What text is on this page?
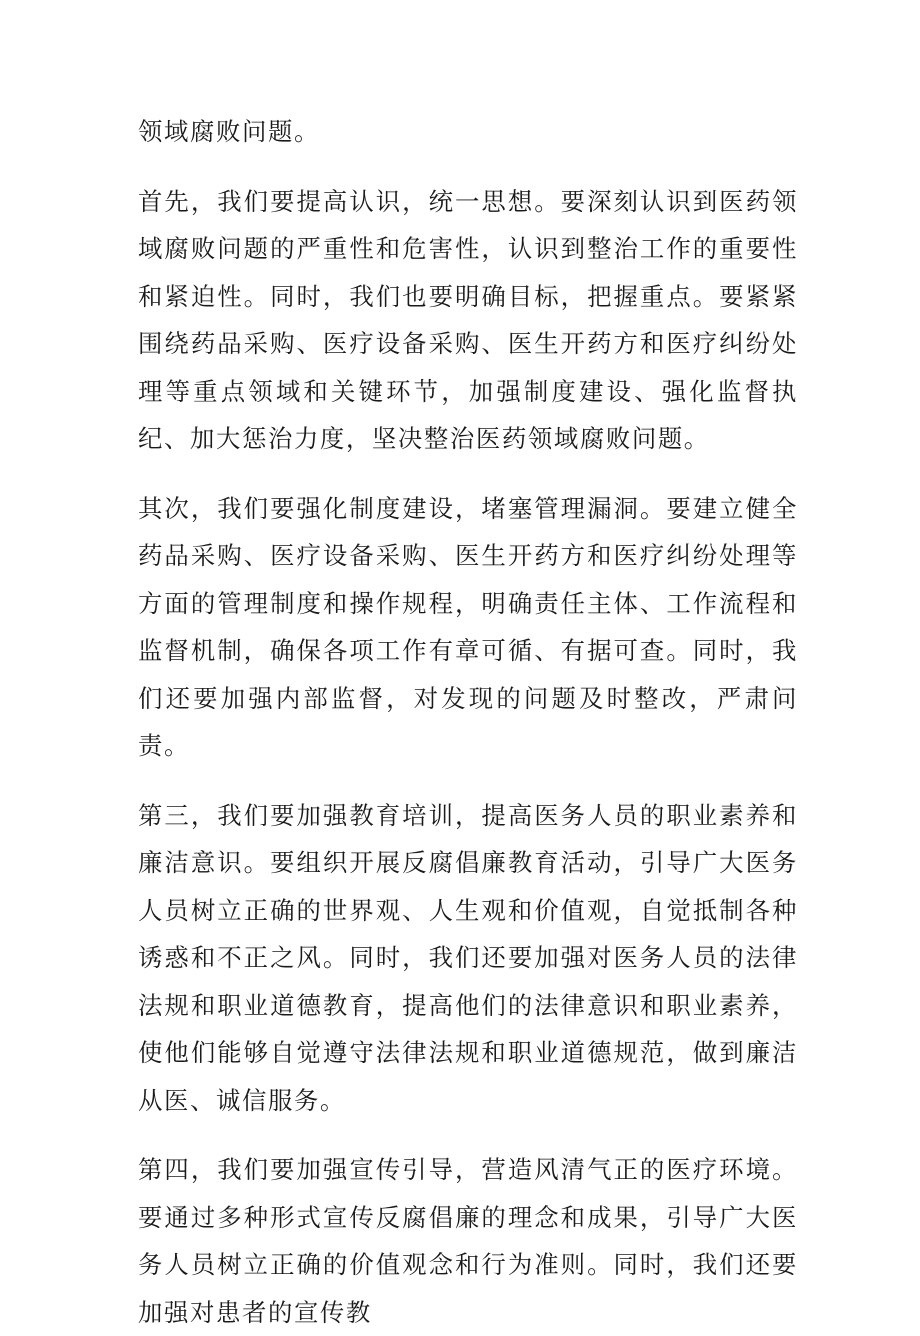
领域腐败问题。

首先，我们要提高认识，统一思想。要深刻认识到医药领域腐败问题的严重性和危害性，认识到整治工作的重要性和紧迫性。同时，我们也要明确目标，把握重点。要紧紧围绕药品采购、医疗设备采购、医生开药方和医疗纠纷处理等重点领域和关键环节，加强制度建设、强化监督执纪、加大惩治力度，坚决整治医药领域腐败问题。

其次，我们要强化制度建设，堵塞管理漏洞。要建立健全药品采购、医疗设备采购、医生开药方和医疗纠纷处理等方面的管理制度和操作规程，明确责任主体、工作流程和监督机制，确保各项工作有章可循、有据可查。同时，我们还要加强内部监督，对发现的问题及时整改，严肃问责。

第三，我们要加强教育培训，提高医务人员的职业素养和廉洁意识。要组织开展反腐倡廉教育活动，引导广大医务人员树立正确的世界观、人生观和价值观，自觉抵制各种诱惑和不正之风。同时，我们还要加强对医务人员的法律法规和职业道德教育，提高他们的法律意识和职业素养，使他们能够自觉遵守法律法规和职业道德规范，做到廉洁从医、诚信服务。

第四，我们要加强宣传引导，营造风清气正的医疗环境。要通过多种形式宣传反腐倡廉的理念和成果，引导广大医务人员树立正确的价值观念和行为准则。同时，我们还要加强对患者的宣传教
